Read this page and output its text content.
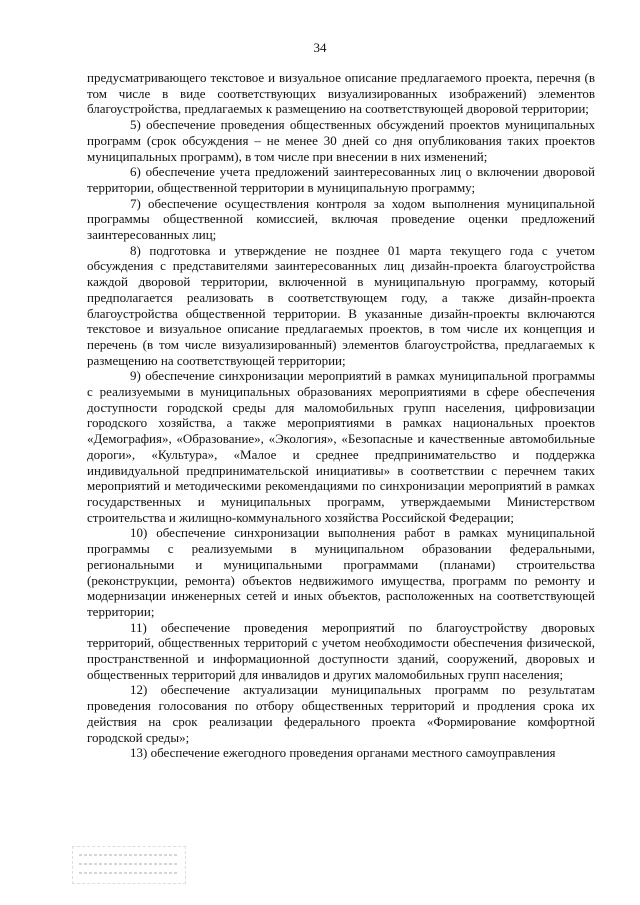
34

предусматривающего текстовое и визуальное описание предлагаемого проекта, перечня (в том числе в виде соответствующих визуализированных изображений) элементов благоустройства, предлагаемых к размещению на соответствующей дворовой территории;

5) обеспечение проведения общественных обсуждений проектов муниципальных программ (срок обсуждения – не менее 30 дней со дня опубликования таких проектов муниципальных программ), в том числе при внесении в них изменений;

6) обеспечение учета предложений заинтересованных лиц о включении дворовой территории, общественной территории в муниципальную программу;

7) обеспечение осуществления контроля за ходом выполнения муниципальной программы общественной комиссией, включая проведение оценки предложений заинтересованных лиц;

8) подготовка и утверждение не позднее 01 марта текущего года с учетом обсуждения с представителями заинтересованных лиц дизайн-проекта благоустройства каждой дворовой территории, включенной в муниципальную программу, который предполагается реализовать в соответствующем году, а также дизайн-проекта благоустройства общественной территории. В указанные дизайн-проекты включаются текстовое и визуальное описание предлагаемых проектов, в том числе их концепция и перечень (в том числе визуализированный) элементов благоустройства, предлагаемых к размещению на соответствующей территории;

9) обеспечение синхронизации мероприятий в рамках муниципальной программы с реализуемыми в муниципальных образованиях мероприятиями в сфере обеспечения доступности городской среды для маломобильных групп населения, цифровизации городского хозяйства, а также мероприятиями в рамках национальных проектов «Демография», «Образование», «Экология», «Безопасные и качественные автомобильные дороги», «Культура», «Малое и среднее предпринимательство и поддержка индивидуальной предпринимательской инициативы» в соответствии с перечнем таких мероприятий и методическими рекомендациями по синхронизации мероприятий в рамках государственных и муниципальных программ, утверждаемыми Министерством строительства и жилищно-коммунального хозяйства Российской Федерации;

10) обеспечение синхронизации выполнения работ в рамках муниципальной программы с реализуемыми в муниципальном образовании федеральными, региональными и муниципальными программами (планами) строительства (реконструкции, ремонта) объектов недвижимого имущества, программ по ремонту и модернизации инженерных сетей и иных объектов, расположенных на соответствующей территории;

11) обеспечение проведения мероприятий по благоустройству дворовых территорий, общественных территорий с учетом необходимости обеспечения физической, пространственной и информационной доступности зданий, сооружений, дворовых и общественных территорий для инвалидов и других маломобильных групп населения;

12) обеспечение актуализации муниципальных программ по результатам проведения голосования по отбору общественных территорий и продления срока их действия на срок реализации федерального проекта «Формирование комфортной городской среды»;

13) обеспечение ежегодного проведения органами местного самоуправления
